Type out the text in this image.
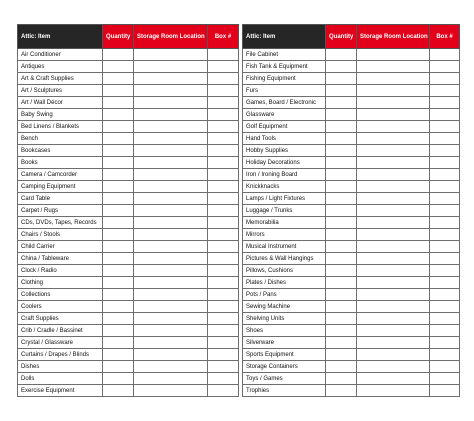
Attic: Item	Quantity	Storage Room Location	Box #
Air Conditioner			
Antiques			
Art & Craft Supplies			
Art / Sculptures			
Art / Wall Décor			
Baby Swing			
Bed Linens / Blankets			
Bench			
Bookcases			
Books			
Camera / Camcorder			
Camping Equipment			
Card Table			
Carpet / Rugs			
CDs, DVDs, Tapes, Records			
Chairs / Stools			
Child Carrier			
China / Tableware			
Clock / Radio			
Clothing			
Collections			
Coolers			
Craft Supplies			
Crib / Cradle / Bassinet			
Crystal / Glassware			
Curtains / Drapes / Blinds			
Dishes			
Dolls			
Exercise Equipment			
Attic: Item	Quantity	Storage Room Location	Box #
File Cabinet			
Fish Tank & Equipment			
Fishing Equipment			
Furs			
Games, Board / Electronic			
Glassware			
Golf Equipment			
Hand Tools			
Hobby Supplies			
Holiday Decorations			
Iron / Ironing Board			
Knickknacks			
Lamps / Light Fixtures			
Luggage / Trunks			
Memorabilia			
Mirrors			
Musical Instrument			
Pictures & Wall Hangings			
Pillows, Cushions			
Plates / Dishes			
Pots / Pans			
Sewing Machine			
Shelving Units			
Shoes			
Silverware			
Sports Equipment			
Storage Containers			
Toys / Games			
Trophies			
